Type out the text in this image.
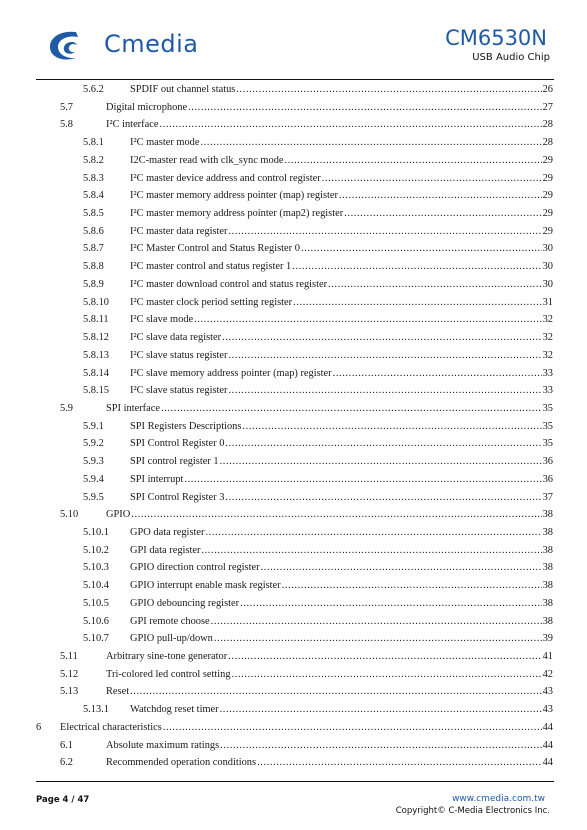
Cmedia	CM6530N
USB Audio Chip
5.6.2	SPDIF out channel status .....	26
5.7	Digital microphone .....	27
5.8	I²C interface .....	28
5.8.1	I²C master mode .....	28
5.8.2	I2C-master read with clk_sync mode .....	29
5.8.3	I²C master device address and control register .....	29
5.8.4	I²C master memory address pointer (map) register .....	29
5.8.5	I²C master memory address pointer (map2) register .....	29
5.8.6	I²C master data register .....	29
5.8.7	I²C Master Control and Status Register 0 .....	30
5.8.8	I²C master control and status register 1 .....	30
5.8.9	I²C master download control and status register .....	30
5.8.10 I²C master clock period setting register .....	31
5.8.11 I²C slave mode .....	32
5.8.12 I²C slave data register .....	32
5.8.13 I²C slave status register .....	32
5.8.14 I²C slave memory address pointer (map) register .....	33
5.8.15 I²C slave status register .....	33
5.9	SPI interface .....	35
5.9.1	SPI Registers Descriptions .....	35
5.9.2	SPI Control Register 0 .....	35
5.9.3	SPI control register 1 .....	36
5.9.4	SPI interrupt .....	36
5.9.5	SPI Control Register 3 .....	37
5.10	GPIO .....	38
5.10.1 GPO data register .....	38
5.10.2 GPI data register .....	38
5.10.3 GPIO direction control register .....	38
5.10.4 GPIO interrupt enable mask register .....	38
5.10.5 GPIO debouncing register .....	38
5.10.6 GPI remote choose .....	38
5.10.7 GPIO pull-up/down .....	39
5.11	Arbitrary sine-tone generator .....	41
5.12	Tri-colored led control setting .....	42
5.13	Reset .....	43
5.13.1 Watchdog reset timer .....	43
6 Electrical characteristics .....	44
6.1	Absolute maximum ratings .....	44
6.2	Recommended operation conditions .....	44
Page 4 / 47	www.cmedia.com.tw
Copyright© C-Media Electronics Inc.
